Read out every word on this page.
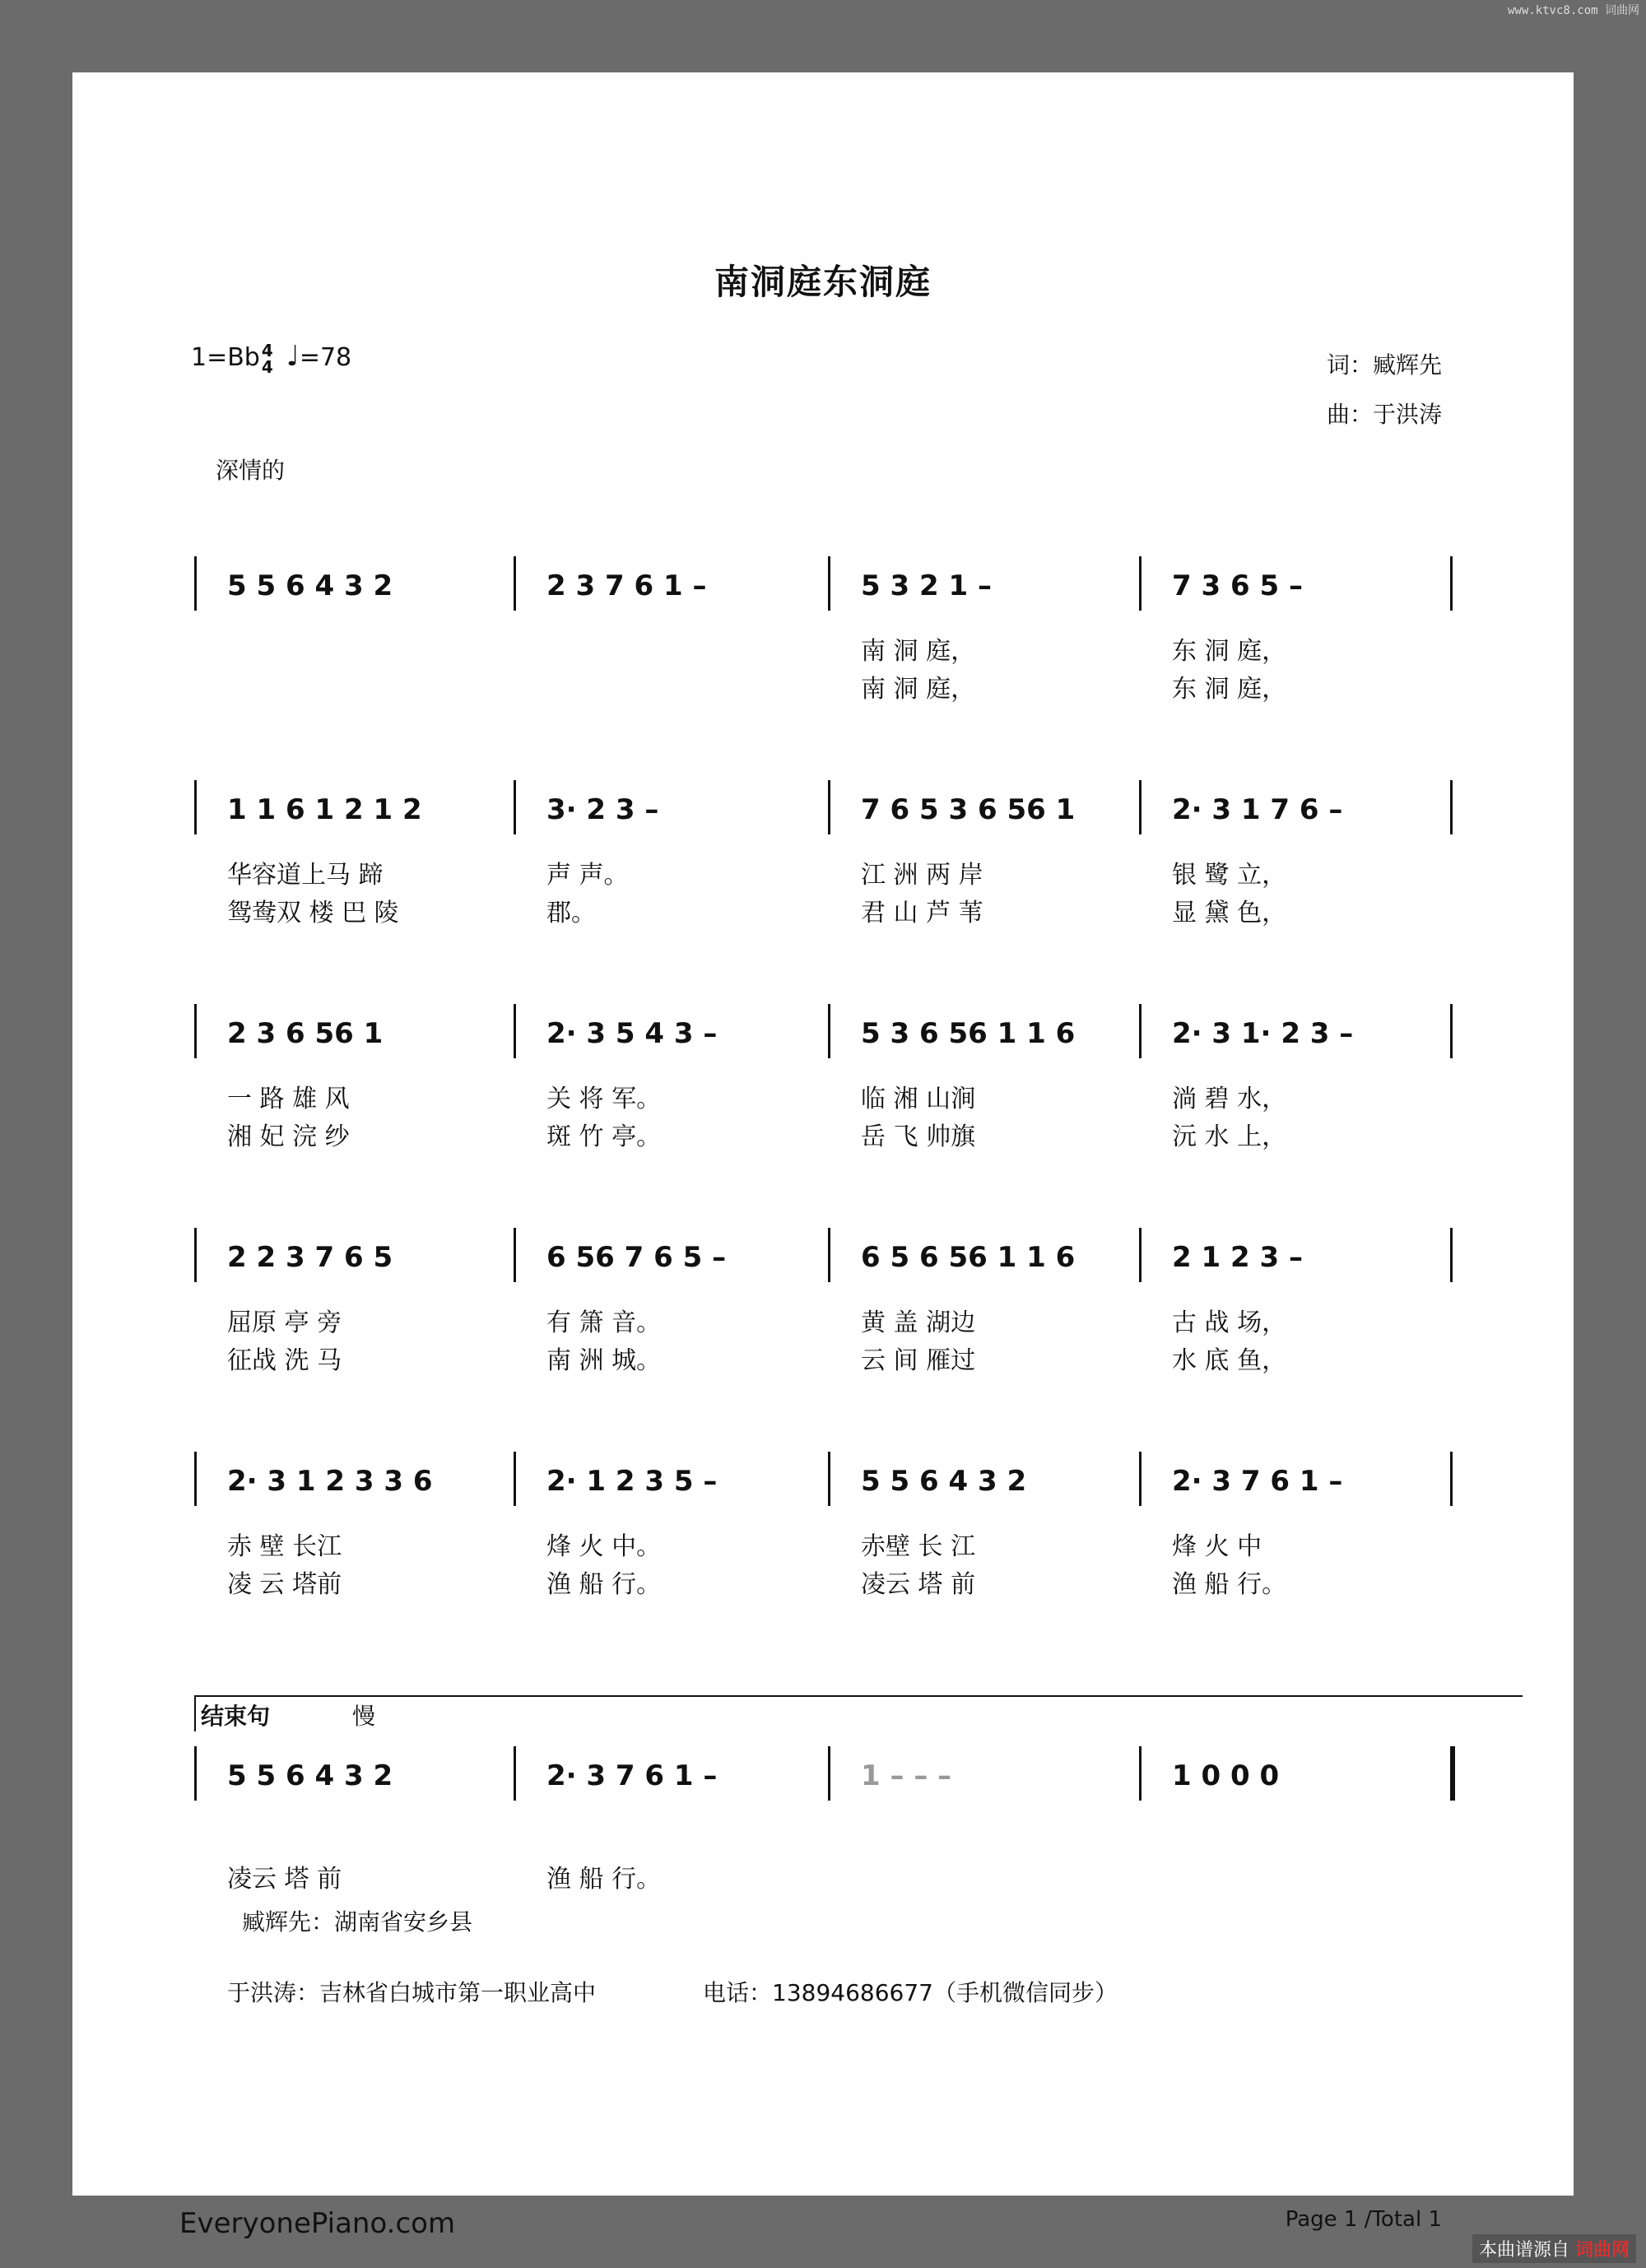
www.ktvc8.com 词曲网
南洞庭东洞庭
1=Bb 4
4 ♩=78	词：臧辉先
曲：于洪涛
深情的
5 5 6 4 3 2	2 3 7 6 1 –	5 3 2 1 –
南 洞 庭，
南 洞 庭，
7 3 6 5 –
东 洞 庭，
东 洞 庭，
1 1 6 1 2 1 2
华容道上马 蹄
鸳鸯双 楼 巴 陵
3· 2 3 –
声 声。
郡。
7 6 5 3 6 56 1
江 洲 两 岸
君 山 芦 苇
2· 3 1 7 6 –
银 鹭 立，
显 黛 色，
2 3 6 56 1
一 路 雄 风
湘 妃 浣 纱
2· 3 5 4 3 –
关 将 军。
斑 竹 亭。
5 3 6 56 1 1 6
临 湘 山涧
岳 飞 帅旗
2· 3 1· 2 3 –
淌 碧 水，
沅 水 上，
2 2 3 7 6 5
屈原 亭 旁
征战 洗 马
6 56 7 6 5 –
有 箫 音。
南 洲 城。
6 5 6 56 1 1 6
黄 盖 湖边
云 间 雁过
2 1 2 3 –
古 战 场，
水 底 鱼，
2· 3 1 2 3 3 6
赤 壁 长江
凌 云 塔前
2· 1 2 3 5 –
烽 火 中。
渔 船 行。
5 5 6 4 3 2
赤壁 长 江
凌云 塔 前
2· 3 7 6 1 –
烽 火 中
渔 船 行。
结束句	慢
5 5 6 4 3 2	2· 3 7 6 1 –	1 – – –	1 0 0 0
凌云 塔 前	渔 船 行。
臧辉先：湖南省安乡县
于洪涛：吉林省白城市第一职业高中	电话：13894686677（手机微信同步）
EveryonePiano.com	Page 1 /Total 1
本曲谱源自 词曲网
